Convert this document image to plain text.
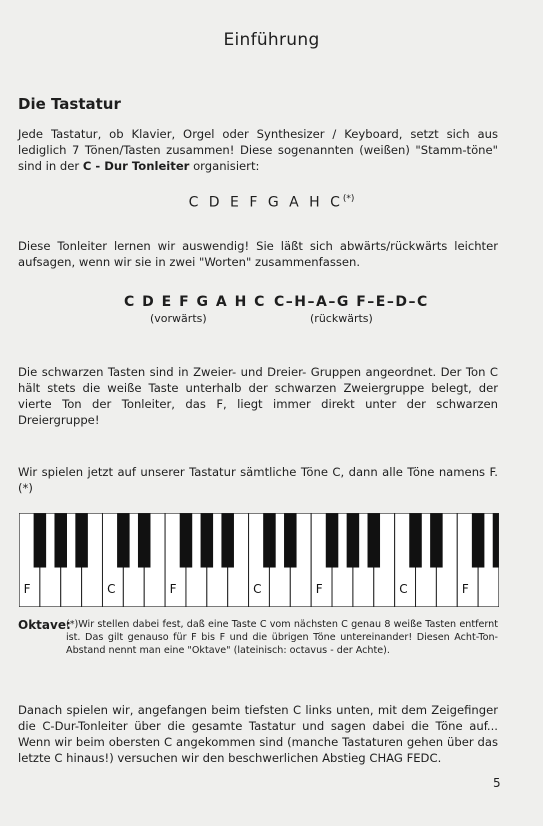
Einführung
Die Tastatur
Jede Tastatur, ob Klavier, Orgel oder Synthesizer / Keyboard, setzt sich aus lediglich 7 Tönen/Tasten zusammen! Diese sogenannten (weißen) "Stamm-töne" sind in der C - Dur Tonleiter organisiert:
C D E F G A H C(*)
Diese Tonleiter lernen wir auswendig! Sie läßt sich abwärts/rückwärts leichter aufsagen, wenn wir sie in zwei "Worten" zusammenfassen.
C D E F G A H C
(vorwärts)
C–H–A–G F–E–D–C
(rückwärts)
Die schwarzen Tasten sind in Zweier- und Dreier- Gruppen angeordnet. Der Ton C hält stets die weiße Taste unterhalb der schwarzen Zweiergruppe belegt, der vierte Ton der Tonleiter, das F, liegt immer direkt unter der schwarzen Dreiergruppe!
Wir spielen jetzt auf unserer Tastatur sämtliche Töne C, dann alle Töne namens F.(*)
F	C	F	C	F	C	F
Oktave:
(*)Wir stellen dabei fest, daß eine Taste C vom nächsten C genau 8 weiße Tasten entfernt ist. Das gilt genauso für F bis F und die übrigen Töne untereinander! Diesen Acht-Ton-Abstand nennt man eine "Oktave" (lateinisch: octavus - der Achte).
Danach spielen wir, angefangen beim tiefsten C links unten, mit dem Zeigefinger die C-Dur-Tonleiter über die gesamte Tastatur und sagen dabei die Töne auf... Wenn wir beim obersten C angekommen sind (manche Tastaturen gehen über das letzte C hinaus!) versuchen wir den beschwerlichen Abstieg CHAG FEDC.
5
